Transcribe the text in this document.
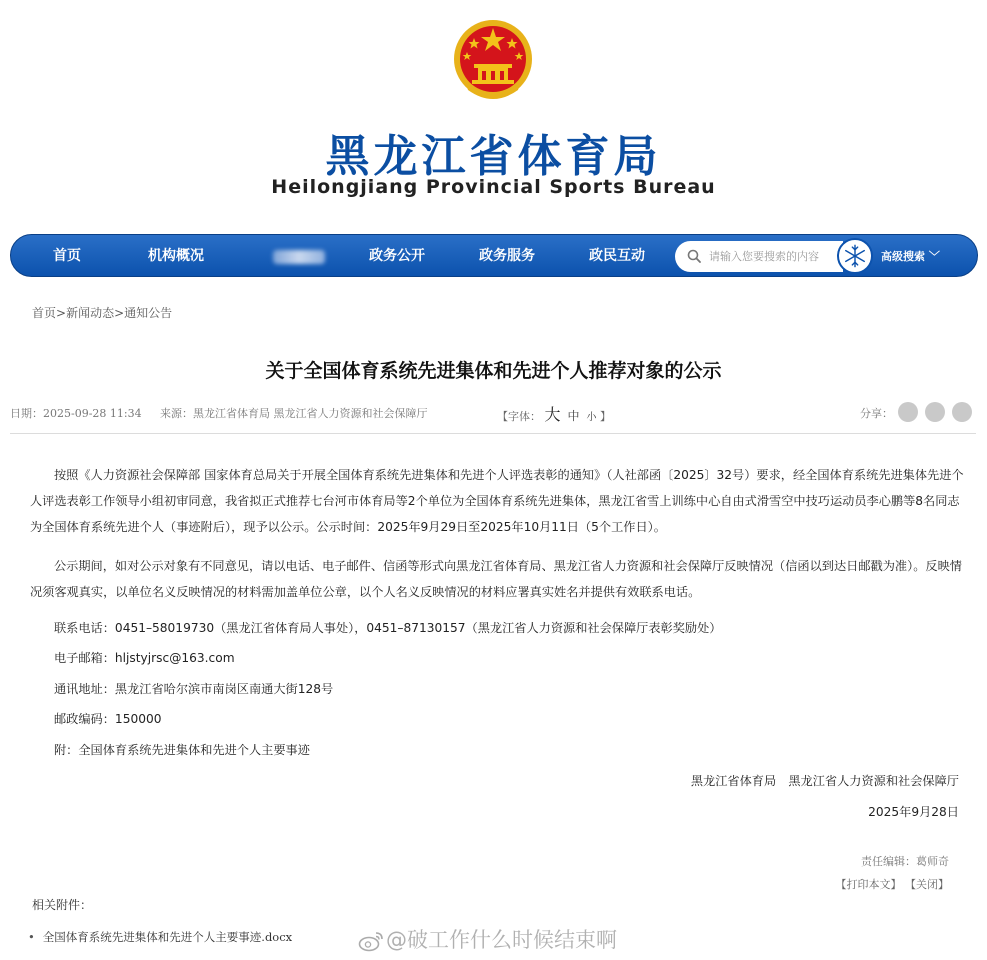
黑龙江省体育局
Heilongjiang Provincial Sports Bureau
首页	机构概况	政务公开	政务服务	政民互动
请输入您要搜索的内容	高级搜索 ﹀
首页>新闻动态>通知公告
关于全国体育系统先进集体和先进个人推荐对象的公示
日期：2025-09-28 11:34 来源：黑龙江省体育局 黑龙江省人力资源和社会保障厅	【字体： 大 中 小 】	分享：
按照《人力资源社会保障部 国家体育总局关于开展全国体育系统先进集体和先进个人评选表彰的通知》（人社部函〔2025〕32号）要求，经全国体育系统先进集体先进个人评选表彰工作领导小组初审同意，我省拟正式推荐七台河市体育局等2个单位为全国体育系统先进集体，黑龙江省雪上训练中心自由式滑雪空中技巧运动员李心鹏等8名同志为全国体育系统先进个人（事迹附后），现予以公示。公示时间：2025年9月29日至2025年10月11日（5个工作日）。
公示期间，如对公示对象有不同意见，请以电话、电子邮件、信函等形式向黑龙江省体育局、黑龙江省人力资源和社会保障厅反映情况（信函以到达日邮戳为准）。反映情况须客观真实，以单位名义反映情况的材料需加盖单位公章，以个人名义反映情况的材料应署真实姓名并提供有效联系电话。
联系电话：0451–58019730（黑龙江省体育局人事处），0451–87130157（黑龙江省人力资源和社会保障厅表彰奖励处）
电子邮箱：hljstyjrsc@163.com
通讯地址：黑龙江省哈尔滨市南岗区南通大街128号
邮政编码：150000
附：全国体育系统先进集体和先进个人主要事迹
黑龙江省体育局　黑龙江省人力资源和社会保障厅
2025年9月28日
责任编辑：葛师奇
【打印本文】 【关闭】
相关附件：
• 全国体育系统先进集体和先进个人主要事迹.docx	@破工作什么时候结束啊
